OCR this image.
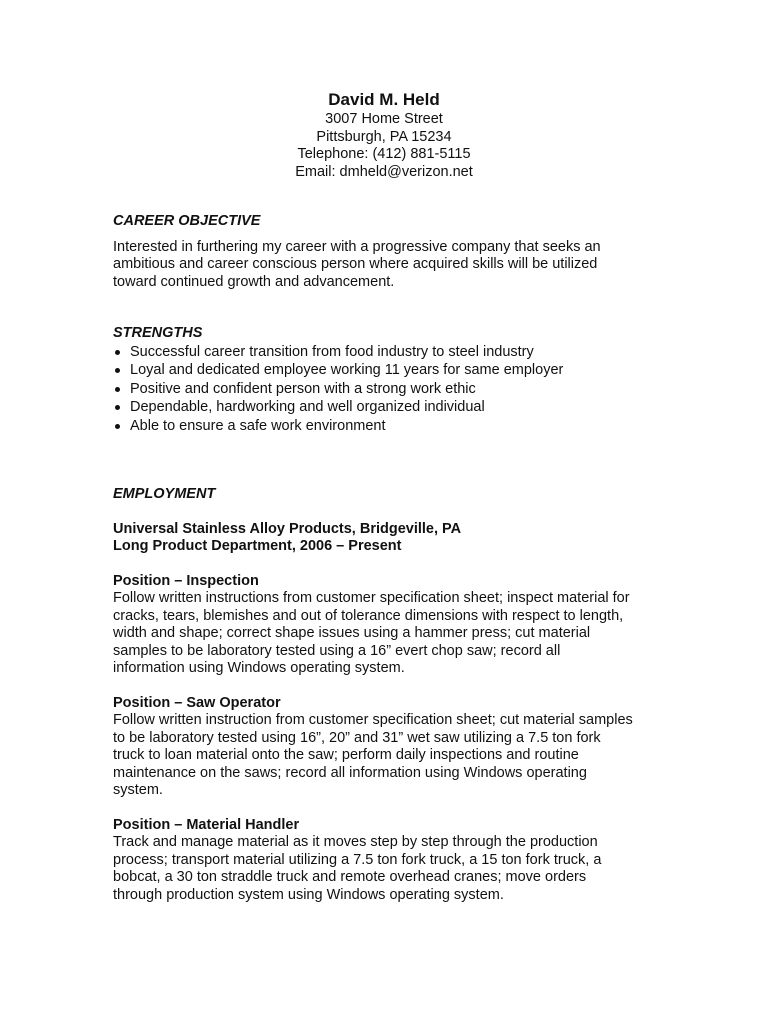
David M. Held
3007 Home Street
Pittsburgh, PA 15234
Telephone: (412) 881-5115
Email: dmheld@verizon.net
CAREER OBJECTIVE
Interested in furthering my career with a progressive company that seeks an
ambitious and career conscious person where acquired skills will be utilized
toward continued growth and advancement.
STRENGTHS
Successful career transition from food industry to steel industry
Loyal and dedicated employee working 11 years for same employer
Positive and confident person with a strong work ethic
Dependable, hardworking and well organized individual
Able to ensure a safe work environment
EMPLOYMENT
Universal Stainless Alloy Products, Bridgeville, PA
Long Product Department, 2006 – Present
Position – Inspection
Follow written instructions from customer specification sheet; inspect material for
cracks, tears, blemishes and out of tolerance dimensions with respect to length,
width and shape; correct shape issues using a hammer press; cut material
samples to be laboratory tested using a 16” evert chop saw; record all
information using Windows operating system.
Position – Saw Operator
Follow written instruction from customer specification sheet; cut material samples
to be laboratory tested using 16”, 20” and 31” wet saw utilizing a 7.5 ton fork
truck to loan material onto the saw; perform daily inspections and routine
maintenance on the saws; record all information using Windows operating
system.
Position – Material Handler
Track and manage material as it moves step by step through the production
process; transport material utilizing a 7.5 ton fork truck, a 15 ton fork truck, a
bobcat, a 30 ton straddle truck and remote overhead cranes; move orders
through production system using Windows operating system.
